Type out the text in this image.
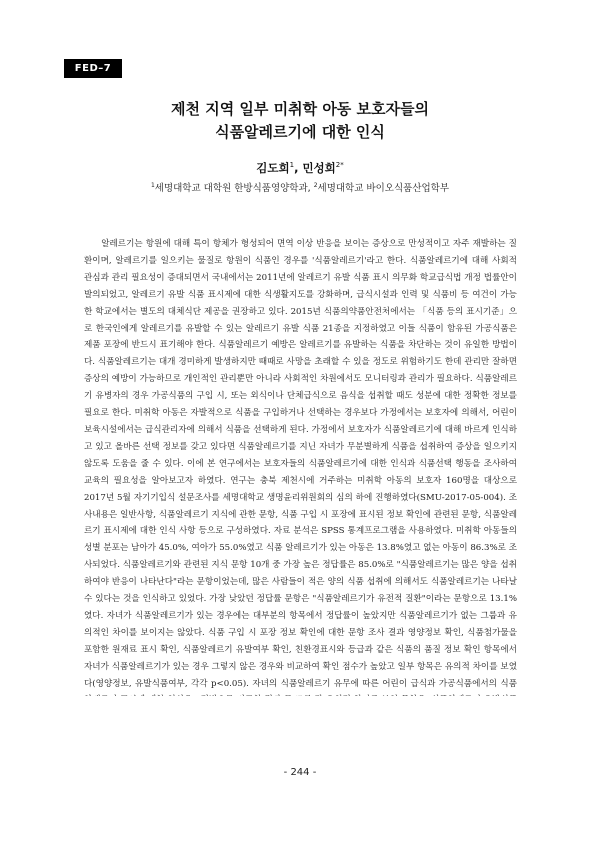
FED–7
제천 지역 일부 미취학 아동 보호자들의
식품알레르기에 대한 인식
김도희$^1$, 민성희$^{2*}$
$^1$세명대학교 대학원 한방식품영양학과, $^2$세명대학교 바이오식품산업학부

알레르기는 항원에 대해 특이 항체가 형성되어 면역 이상 반응을 보이는 증상으로 만성적이고 자주 재발하는 질환이며, 알레르기를 일으키는 물질로 항원이 식품인 경우를 '식품알레르기'라고 한다. 식품알레르기에 대해 사회적 관심과 관리 필요성이 증대되면서 국내에서는 2011년에 알레르기 유발 식품 표시 의무화 학교급식법 개정 법률안이 발의되었고, 알레르기 유발 식품 표시제에 대한 식생활지도를 강화하며, 급식시설과 인력 및 식품비 등 여건이 가능한 학교에서는 별도의 대체식단 제공을 권장하고 있다. 2015년 식품의약품안전처에서는 「식품 등의 표시기준」으로 한국인에게 알레르기를 유발할 수 있는 알레르기 유발 식품 21종을 지정하였고 이들 식품이 함유된 가공식품은 제품 포장에 반드시 표기해야 한다. 식품알레르기 예방은 알레르기를 유발하는 식품을 차단하는 것이 유일한 방법이다. 식품알레르기는 대개 경미하게 발생하지만 때때로 사망을 초래할 수 있을 정도로 위험하기도 한데 관리만 잘하면 증상의 예방이 가능하므로 개인적인 관리뿐만 아니라 사회적인 차원에서도 모니터링과 관리가 필요하다. 식품알레르기 유병자의 경우 가공식품의 구입 시, 또는 외식이나 단체급식으로 음식을 섭취할 때도 성분에 대한 정확한 정보를 필요로 한다. 미취학 아동은 자발적으로 식품을 구입하거나 선택하는 경우보다 가정에서는 보호자에 의해서, 어린이 보육시설에서는 급식관리자에 의해서 식품을 선택하게 된다. 가정에서 보호자가 식품알레르기에 대해 바르게 인식하고 있고 올바른 선택 정보를 갖고 있다면 식품알레르기를 지닌 자녀가 무분별하게 식품을 섭취하여 증상을 일으키지 않도록 도움을 줄 수 있다. 이에 본 연구에서는 보호자들의 식품알레르기에 대한 인식과 식품선택 행동을 조사하여 교육의 필요성을 알아보고자 하였다. 연구는 충북 제천시에 거주하는 미취학 아동의 보호자 160명을 대상으로 2017년 5월 자기기입식 설문조사를 세명대학교 생명윤리위원회의 심의 하에 진행하였다(SMU-2017-05-004). 조사내용은 일반사항, 식품알레르기 지식에 관한 문항, 식품 구입 시 포장에 표시된 정보 확인에 관련된 문항, 식품알레르기 표시제에 대한 인식 사항 등으로 구성하였다. 자료 분석은 SPSS 통계프로그램을 사용하였다. 미취학 아동들의 성별 분포는 남아가 45.0%, 여아가 55.0%였고 식품 알레르기가 있는 아동은 13.8%였고 없는 아동이 86.3%로 조사되었다. 식품알레르기와 관련된 지식 문항 10개 중 가장 높은 정답률은 85.0%로 "식품알레르기는 많은 양을 섭취하여야 반응이 나타난다"라는 문항이었는데, 많은 사람들이 적은 양의 식품 섭취에 의해서도 식품알레르기는 나타날 수 있다는 것을 인식하고 있었다. 가장 낮았던 정답률 문항은 "식품알레르기가 유전적 질환"이라는 문항으로 13.1%였다. 자녀가 식품알레르기가 있는 경우에는 대부분의 항목에서 정답률이 높았지만 식품알레르기가 없는 그룹과 유의적인 차이를 보이지는 않았다. 식품 구입 시 포장 정보 확인에 대한 문항 조사 결과 영양정보 확인, 식품첨가물을 포함한 원재료 표시 확인, 식품알레르기 유발여부 확인, 친환경표시와 등급과 같은 식품의 품질 정보 확인 항목에서 자녀가 식품알레르기가 있는 경우 그렇지 않은 경우와 비교하여 확인 점수가 높았고 일부 항목은 유의적 차이를 보였다(영양정보, 유발식품여부, 각각 p<0.05). 자녀의 식품알레르기 유무에 따른 어린이 급식과 가공식품에서의 식품

- 244 -
